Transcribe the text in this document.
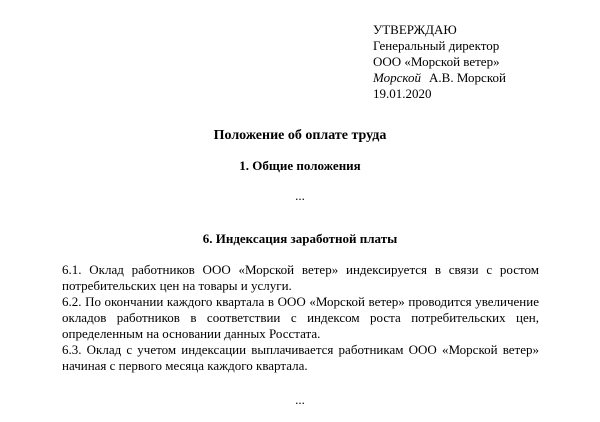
УТВЕРЖДАЮ
Генеральный директор
ООО «Морской ветер»
Морской А.В. Морской
19.01.2020
Положение об оплате труда
1. Общие положения
...
6. Индексация заработной платы

6.1. Оклад работников ООО «Морской ветер» индексируется в связи с ростом потребительских цен на товары и услуги.

6.2. По окончании каждого квартала в ООО «Морской ветер» проводится увеличение окладов работников в соответствии с индексом роста потребительских цен, определенным на основании данных Росстата.

6.3. Оклад с учетом индексации выплачивается работникам ООО «Морской ветер» начиная с первого месяца каждого квартала.

...
